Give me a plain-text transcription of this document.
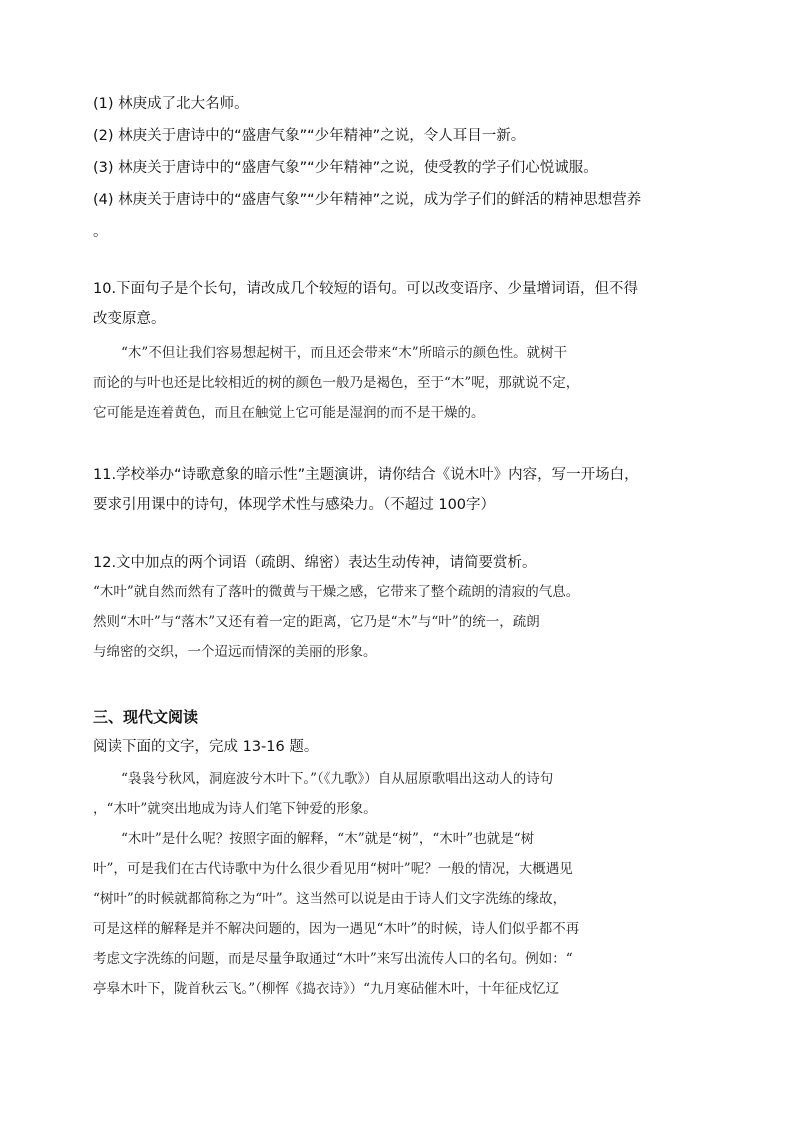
(1) 林庚成了北大名师。
(2) 林庚关于唐诗中的“盛唐气象”“少年精神”之说，令人耳目一新。
(3) 林庚关于唐诗中的“盛唐气象”“少年精神”之说，使受教的学子们心悦诚服。
(4) 林庚关于唐诗中的“盛唐气象”“少年精神”之说，成为学子们的鲜活的精神思想营养
。
10.下面句子是个长句，请改成几个较短的语句。可以改变语序、少量增词语，但不得
改变原意。
“木”不但让我们容易想起树干，而且还会带来“木”所暗示的颜色性。就树干
而论的与叶也还是比较相近的树的颜色一般乃是褐色，至于“木”呢，那就说不定，
它可能是连着黄色，而且在触觉上它可能是湿润的而不是干燥的。
11.学校举办“诗歌意象的暗示性”主题演讲，请你结合《说木叶》内容，写一开场白，
要求引用课中的诗句，体现学术性与感染力。（不超过 100字）
12.文中加点的两个词语（疏朗、绵密）表达生动传神，请简要赏析。
“木叶”就自然而然有了落叶的微黄与干燥之感，它带来了整个疏朗的清寂的气息。
然则“木叶”与“落木”又还有着一定的距离，它乃是“木”与“叶”的统一，疏朗
与绵密的交织，一个迢远而情深的美丽的形象。
三、现代文阅读
阅读下面的文字，完成 13-16 题。
“袅袅兮秋风，洞庭波兮木叶下。”（《九歌》）自从屈原歌唱出这动人的诗句
，“木叶”就突出地成为诗人们笔下钟爱的形象。
“木叶”是什么呢？按照字面的解释，“木”就是“树”，“木叶”也就是“树
叶”，可是我们在古代诗歌中为什么很少看见用“树叶”呢？一般的情况，大概遇见
“树叶”的时候就都简称之为“叶”。这当然可以说是由于诗人们文字洗练的缘故，
可是这样的解释是并不解决问题的，因为一遇见“木叶”的时候，诗人们似乎都不再
考虑文字洗练的问题，而是尽量争取通过“木叶”来写出流传人口的名句。例如：“
亭皋木叶下，陇首秋云飞。”（柳恽《捣衣诗》）“九月寒砧催木叶，十年征戍忆辽
